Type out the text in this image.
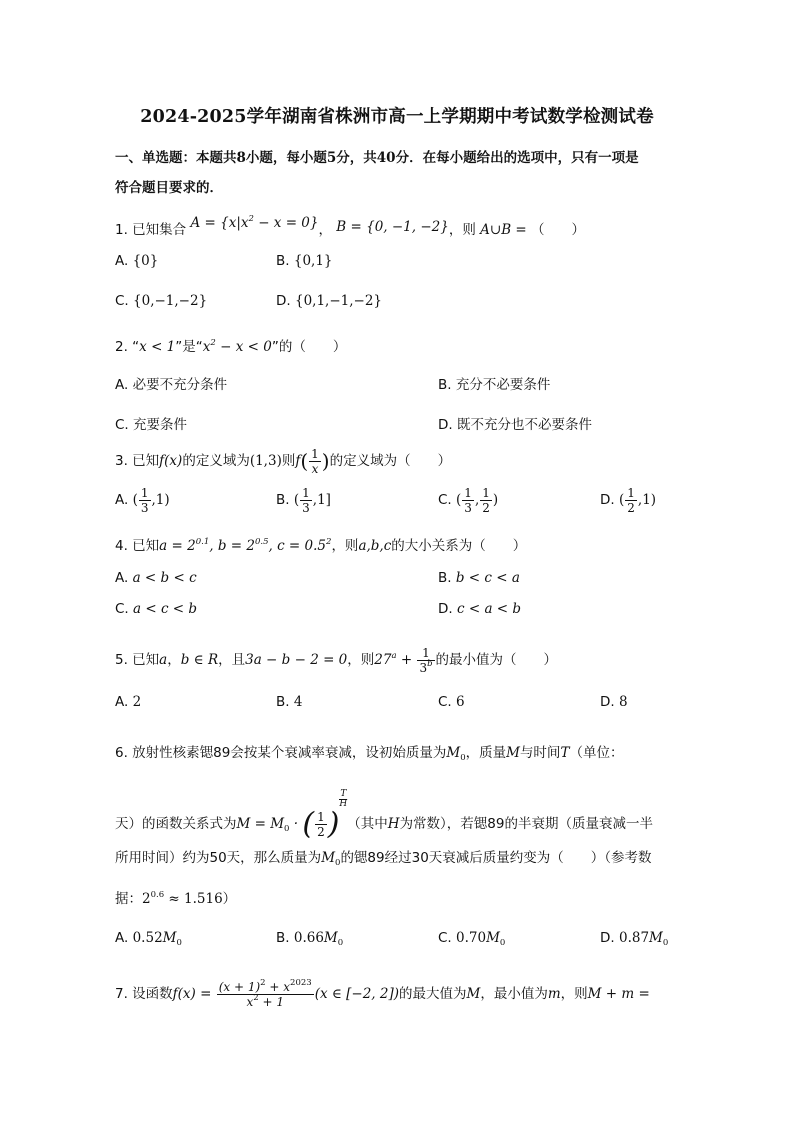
2024-2025学年湖南省株洲市高一上学期期中考试数学检测试卷
一、单选题：本题共8小题，每小题5分，共40分．在每小题给出的选项中，只有一项是
符合题目要求的．
1. 已知集合 $A = \{x|x^2 - x = 0\}$， B = {0, −1, −2}，则 A∪B = （　　）
A. {0}	B. {0,1}
C. {0,−1,−2}	D. {0,1,−1,−2}
2. “x < 1”是“$x^2 - x < 0$”的（　　）
A. 必要不充分条件	B. 充分不必要条件
C. 充要条件	D. 既不充分也不必要条件
3. 已知f(x)的定义域为(1,3)则$f( \frac{1}{x}$ )的定义域为（　　）
A. ( $\frac{1}{3} ,1$)	B. ( $\frac{1}{3} ,1$]	C. ( $\frac{1}{3}$ , $\frac{1}{2}$ )	D. ( $\frac{1}{2} ,1$)
4. 已知$a = 2^{0.1}$, $b = 2^{0.5}$, $c = 0.5^2$，则a,b,c的大小关系为（　　）
A. a < b < c	B. b < c < a
C. a < c < b	D. c < a < b
5. 已知a，b ∈ R，且3a − b − 2 = 0，则$27^a + \frac{1}{3^b}$ 的最小值为（　　）
A. 2	B. 4	C. 6	D. 8
6. 放射性核素锶89会按某个衰减率衰减，设初始质量为$M_0$，质量M与时间T（单位：
天）的函数关系式为$M = M_0$ · ( $\frac{1}{2}$ )
$\frac{T}{H}$
（其中H为常数），若锶89的半衰期（质量衰减一半
所用时间）约为50天，那么质量为$M_0$的锶89经过30天衰减后质量约变为（　　）（参考数
据：$2^{0.6} \approx 1.516$）
A. $0.52M_0$	B. $0.66M_0$	C. $0.70M_0$	D. $0.87M_0$
7. 设函数$f(x) = \frac{(x + 1)^2 + x^{2023}}{x^2 + 1} (x$ ∈ [−2, 2])的最大值为M，最小值为m，则M + m =
